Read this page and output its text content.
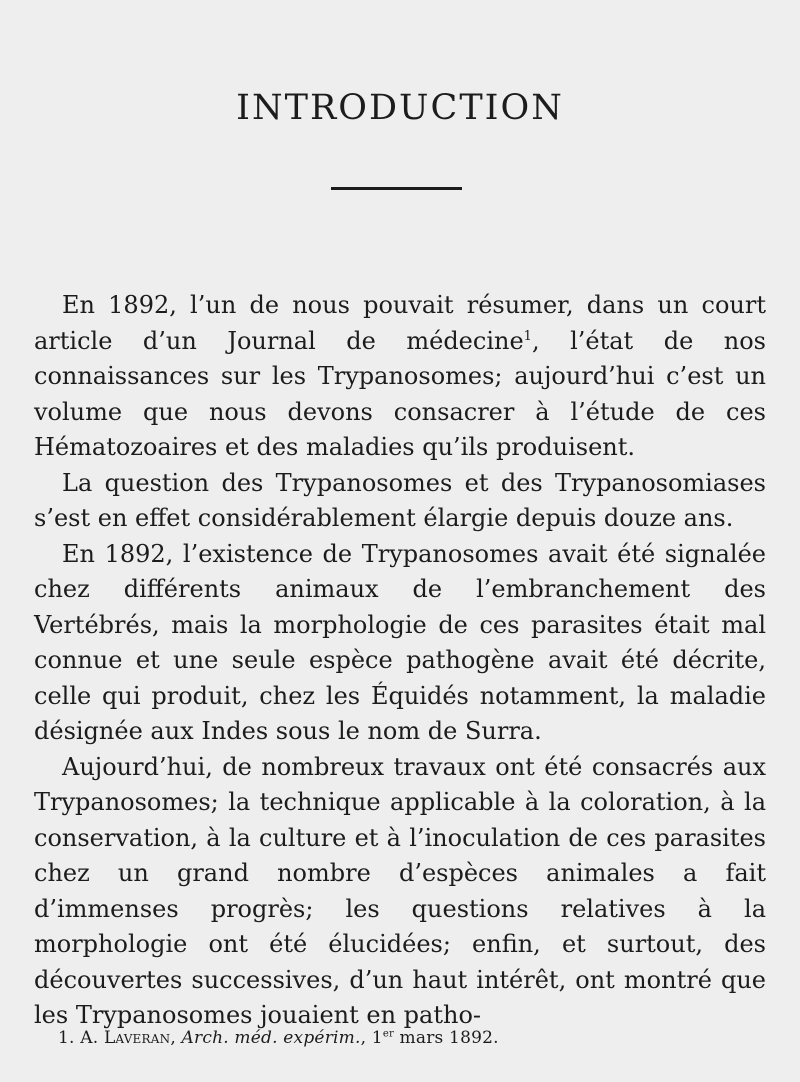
INTRODUCTION

En 1892, l’un de nous pouvait résumer, dans un court article d’un Journal de médecine$^1$, l’état de nos connaissances sur les Trypanosomes; aujourd’hui c’est un volume que nous devons consacrer à l’étude de ces Hématozoaires et des maladies qu’ils produisent.

La question des Trypanosomes et des Trypanosomiases s’est en effet considérablement élargie depuis douze ans.

En 1892, l’existence de Trypanosomes avait été signalée chez différents animaux de l’embranchement des Vertébrés, mais la morphologie de ces parasites était mal connue et une seule espèce pathogène avait été décrite, celle qui produit, chez les Équidés notamment, la maladie désignée aux Indes sous le nom de Surra.

Aujourd’hui, de nombreux travaux ont été consacrés aux Trypanosomes; la technique applicable à la coloration, à la conservation, à la culture et à l’inoculation de ces parasites chez un grand nombre d’espèces animales a fait d’immenses progrès; les questions relatives à la morphologie ont été élucidées; enfin, et surtout, des découvertes successives, d’un haut intérêt, ont montré que les Trypanosomes jouaient en patho-

1. A. Laveran, Arch. méd. expérim., 1er mars 1892.
